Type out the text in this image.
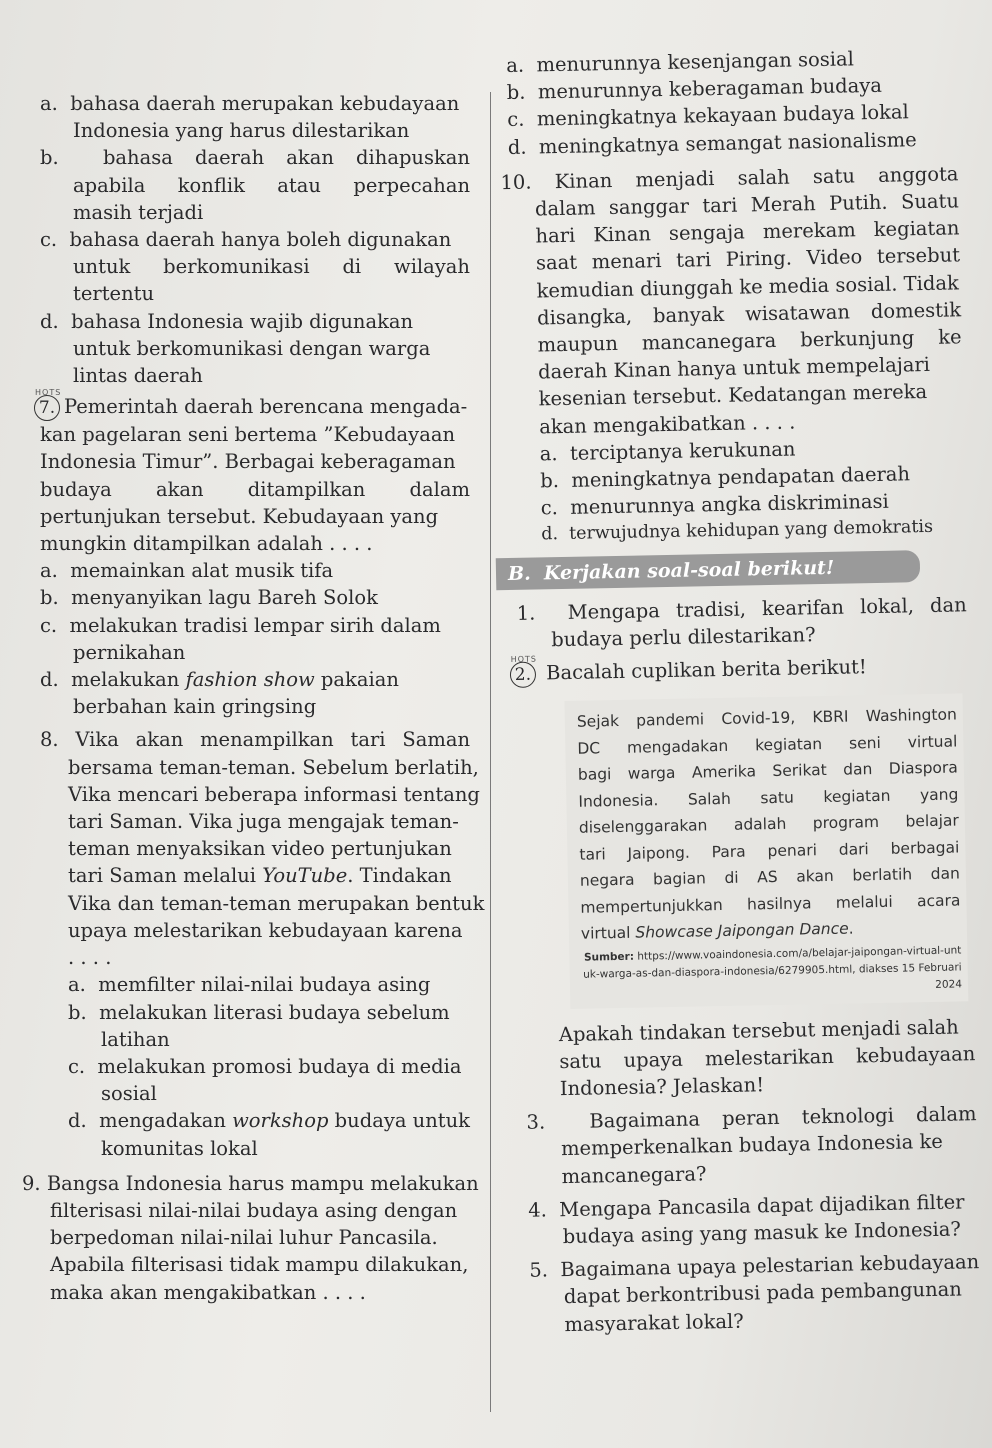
a. bahasa daerah merupakan kebudayaan
Indonesia yang harus dilestarikan
b. bahasa daerah akan dihapuskan
apabila konflik atau perpecahan
masih terjadi
c. bahasa daerah hanya boleh digunakan
untuk berkomunikasi di wilayah
tertentu
d. bahasa Indonesia wajib digunakan
untuk berkomunikasi dengan warga
lintas daerah
HOTS
7. Pemerintah daerah berencana mengada-
kan pagelaran seni bertema ”Kebudayaan
Indonesia Timur”. Berbagai keberagaman
budaya akan ditampilkan dalam
pertunjukan tersebut. Kebudayaan yang
mungkin ditampilkan adalah . . . .
a. memainkan alat musik tifa
b. menyanyikan lagu Bareh Solok
c. melakukan tradisi lempar sirih dalam
pernikahan
d. melakukan fashion show pakaian
berbahan kain gringsing
8. Vika akan menampilkan tari Saman
bersama teman-teman. Sebelum berlatih,
Vika mencari beberapa informasi tentang
tari Saman. Vika juga mengajak teman-
teman menyaksikan video pertunjukan
tari Saman melalui YouTube. Tindakan
Vika dan teman-teman merupakan bentuk
upaya melestarikan kebudayaan karena
. . . .
a. memfilter nilai-nilai budaya asing
b. melakukan literasi budaya sebelum
latihan
c. melakukan promosi budaya di media
sosial
d. mengadakan workshop budaya untuk
komunitas lokal
9. Bangsa Indonesia harus mampu melakukan
filterisasi nilai-nilai budaya asing dengan
berpedoman nilai-nilai luhur Pancasila.
Apabila filterisasi tidak mampu dilakukan,
maka akan mengakibatkan . . . .
a. menurunnya kesenjangan sosial
b. menurunnya keberagaman budaya
c. meningkatnya kekayaan budaya lokal
d. meningkatnya semangat nasionalisme
10. Kinan menjadi salah satu anggota
dalam sanggar tari Merah Putih. Suatu
hari Kinan sengaja merekam kegiatan
saat menari tari Piring. Video tersebut
kemudian diunggah ke media sosial. Tidak
disangka, banyak wisatawan domestik
maupun mancanegara berkunjung ke
daerah Kinan hanya untuk mempelajari
kesenian tersebut. Kedatangan mereka
akan mengakibatkan . . . .
a. terciptanya kerukunan
b. meningkatnya pendapatan daerah
c. menurunnya angka diskriminasi
d. terwujudnya kehidupan yang demokratis
B. Kerjakan soal-soal berikut!
1. Mengapa tradisi, kearifan lokal, dan
budaya perlu dilestarikan?
HOTS
2. Bacalah cuplikan berita berikut!
Sejak pandemi Covid-19, KBRI Washington
DC mengadakan kegiatan seni virtual
bagi warga Amerika Serikat dan Diaspora
Indonesia. Salah satu kegiatan yang
diselenggarakan adalah program belajar
tari Jaipong. Para penari dari berbagai
negara bagian di AS akan berlatih dan
mempertunjukkan hasilnya melalui acara
virtual Showcase Jaipongan Dance.
Sumber: https://www.voaindonesia.com/a/belajar-jaipongan-virtual-untuk-warga-as-dan-diaspora-indonesia/6279905.html, diakses 15 Februari 2024
Apakah tindakan tersebut menjadi salah
satu upaya melestarikan kebudayaan
Indonesia? Jelaskan!
3. Bagaimana peran teknologi dalam
memperkenalkan budaya Indonesia ke
mancanegara?
4. Mengapa Pancasila dapat dijadikan filter
budaya asing yang masuk ke Indonesia?
5. Bagaimana upaya pelestarian kebudayaan
dapat berkontribusi pada pembangunan
masyarakat lokal?
